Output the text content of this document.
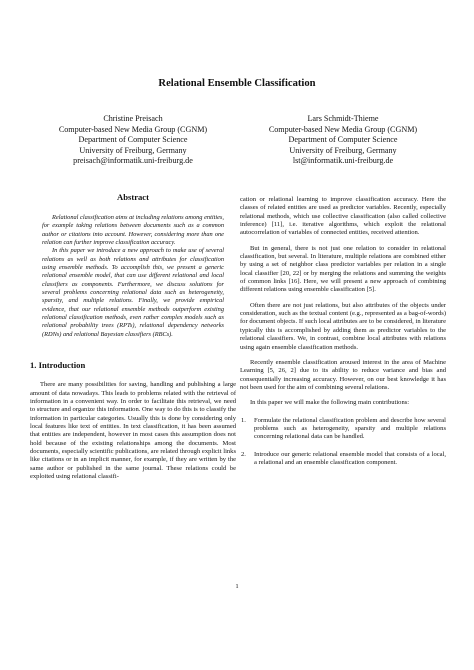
Relational Ensemble Classification
Christine Preisach
Computer-based New Media Group (CGNM)
Department of Computer Science
University of Freiburg, Germany
preisach@informatik.uni-freiburg.de
Lars Schmidt-Thieme
Computer-based New Media Group (CGNM)
Department of Computer Science
University of Freiburg, Germany
lst@informatik.uni-freiburg.de
Abstract

Relational classification aims at including relations among entities, for example taking relations between documents such as a common author or citations into account. However, considering more than one relation can further improve classification accuracy.

In this paper we introduce a new approach to make use of several relations as well as both relations and attributes for classification using ensemble methods. To accomplish this, we present a generic relational ensemble model, that can use different relational and local classifiers as components. Furthermore, we discuss solutions for several problems concerning relational data such as heterogeneity, sparsity, and multiple relations. Finally, we provide empirical evidence, that our relational ensemble methods outperform existing relational classification methods, even rather complex models such as relational probability trees (RPTs), relational dependency networks (RDNs) and relational Bayesian classifiers (RBCs).

1. Introduction

There are many possibilities for saving, handling and publishing a large amount of data nowadays. This leads to problems related with the retrieval of information in a convenient way. In order to facilitate this retrieval, we need to structure and organize this information. One way to do this is to classify the information in particular categories. Usually this is done by considering only local features like text of entities. In text classification, it has been assumed that entities are independent, however in most cases this assumption does not hold because of the existing relationships among the documents. Most documents, especially scientific publications, are related through explicit links like citations or in an implicit manner, for example, if they are written by the same author or published in the same journal. These relations could be exploited using relational classifi-

cation or relational learning to improve classification accuracy. Here the classes of related entities are used as predictor variables. Recently, especially relational methods, which use collective classification (also called collective inference) [11], i.e. iterative algorithms, which exploit the relational autocorrelation of variables of connected entities, received attention.

But in general, there is not just one relation to consider in relational classification, but several. In literature, multiple relations are combined either by using a set of neighbor class predictor variables per relation in a single local classifier [20, 22] or by merging the relations and summing the weights of common links [16]. Here, we will present a new approach of combining different relations using ensemble classification [5].

Often there are not just relations, but also attributes of the objects under consideration, such as the textual content (e.g., represented as a bag-of-words) for document objects. If such local attributes are to be considered, in literature typically this is accomplished by adding them as predictor variables to the relational classifiers. We, in contrast, combine local attributes with relations using again ensemble classification methods.

Recently ensemble classification aroused interest in the area of Machine Learning [5, 26, 2] due to its ability to reduce variance and bias and consequentially increasing accuracy. However, on our best knowledge it has not been used for the aim of combining several relations.

In this paper we will make the following main contributions:

1. Formulate the relational classification problem and describe how several problems such as heterogeneity, sparsity and multiple relations concerning relational data can be handled.
2. Introduce our generic relational ensemble model that consists of a local, a relational and an ensemble classification component.
1
